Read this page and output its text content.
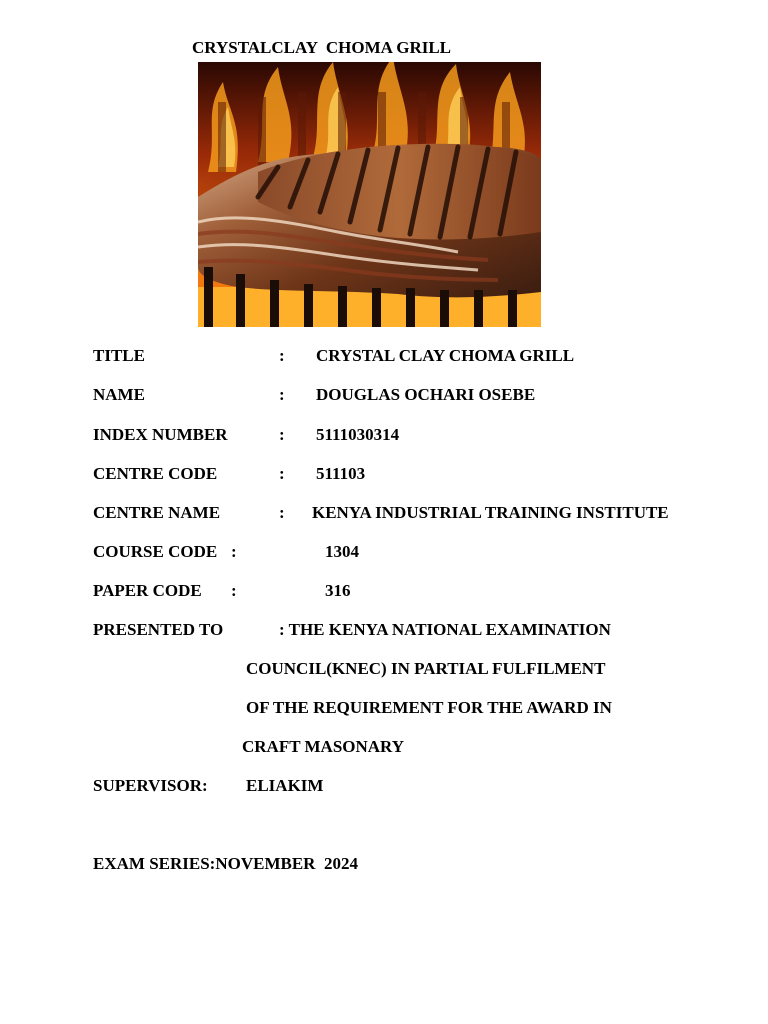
CRYSTALCLAY  CHOMA GRILL
TITLE	: CRYSTAL CLAY CHOMA GRILL
NAME	: DOUGLAS OCHARI OSEBE
INDEX NUMBER	: 5111030314
CENTRE CODE	: 511103
CENTRE NAME	: KENYA INDUSTRIAL TRAINING INSTITUTE
COURSE CODE :	1304
PAPER CODE :	316
PRESENTED TO	: THE KENYA NATIONAL EXAMINATION
COUNCIL(KNEC) IN PARTIAL FULFILMENT
OF THE REQUIREMENT FOR THE AWARD IN
CRAFT MASONARY
SUPERVISOR: ELIAKIM
EXAM SERIES:NOVEMBER  2024
